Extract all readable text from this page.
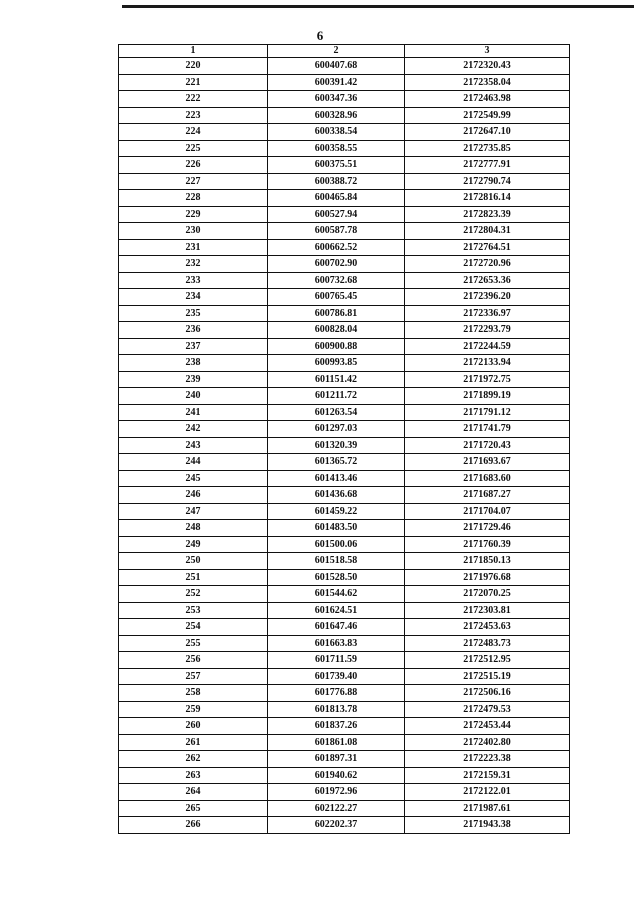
6
1	2	3
220	600407.68	2172320.43
221	600391.42	2172358.04
222	600347.36	2172463.98
223	600328.96	2172549.99
224	600338.54	2172647.10
225	600358.55	2172735.85
226	600375.51	2172777.91
227	600388.72	2172790.74
228	600465.84	2172816.14
229	600527.94	2172823.39
230	600587.78	2172804.31
231	600662.52	2172764.51
232	600702.90	2172720.96
233	600732.68	2172653.36
234	600765.45	2172396.20
235	600786.81	2172336.97
236	600828.04	2172293.79
237	600900.88	2172244.59
238	600993.85	2172133.94
239	601151.42	2171972.75
240	601211.72	2171899.19
241	601263.54	2171791.12
242	601297.03	2171741.79
243	601320.39	2171720.43
244	601365.72	2171693.67
245	601413.46	2171683.60
246	601436.68	2171687.27
247	601459.22	2171704.07
248	601483.50	2171729.46
249	601500.06	2171760.39
250	601518.58	2171850.13
251	601528.50	2171976.68
252	601544.62	2172070.25
253	601624.51	2172303.81
254	601647.46	2172453.63
255	601663.83	2172483.73
256	601711.59	2172512.95
257	601739.40	2172515.19
258	601776.88	2172506.16
259	601813.78	2172479.53
260	601837.26	2172453.44
261	601861.08	2172402.80
262	601897.31	2172223.38
263	601940.62	2172159.31
264	601972.96	2172122.01
265	602122.27	2171987.61
266	602202.37	2171943.38
